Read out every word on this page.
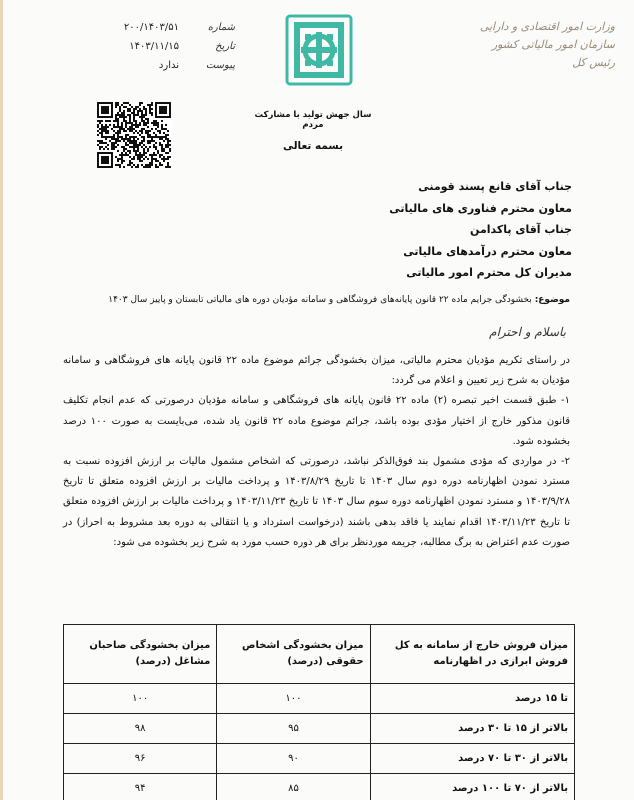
شماره
۲۰۰/۱۴۰۳/۵۱
تاریخ
۱۴۰۳/۱۱/۱۵
پیوست
ندارد
وزارت امور اقتصادی و دارایی
سازمان امور مالیاتی کشور
رئیس کل
سال جهش تولید با مشارکت مردم
بسمه تعالی
جناب آقای قانع پسند قومنی
معاون محترم فناوری های مالیاتی
جناب آقای پاکدامن
معاون محترم درآمدهای مالیاتی
مدیران کل محترم امور مالیاتی
موضوع: بخشودگی جرایم ماده ۲۲ قانون پایانه‌های فروشگاهی و سامانه مؤدیان دوره های مالیاتی تابستان و پاییز سال ۱۴۰۳
باسلام و احترام

در راستای تکریم مؤدیان محترم مالیاتی، میزان بخشودگی جرائم موضوع ماده ۲۲ قانون پایانه های فروشگاهی و سامانه مؤدیان به شرح زیر تعیین و اعلام می گردد:

۱- طبق قسمت اخیر تبصره (۲) ماده ۲۲ قانون پایانه های فروشگاهی و سامانه مؤدیان درصورتی که عدم انجام تکلیف قانون مذکور خارج از اختیار مؤدی بوده باشد، جرائم موضوع ماده ۲۲ قانون یاد شده، می‌بایست به صورت ۱۰۰ درصد بخشوده شود.

۲- در مواردی که مؤدی مشمول بند فوق‌الذکر نباشد، درصورتی که اشخاص مشمول مالیات بر ارزش افزوده نسبت به مسترد نمودن اظهارنامه دوره دوم سال ۱۴۰۳ تا تاریخ ۱۴۰۳/۸/۲۹ و پرداخت مالیات بر ارزش افزوده متعلق تا تاریخ ۱۴۰۳/۹/۲۸ و مسترد نمودن اظهارنامه دوره سوم سال ۱۴۰۳ تا تاریخ ۱۴۰۳/۱۱/۲۳ و پرداخت مالیات بر ارزش افزوده متعلق تا تاریخ ۱۴۰۳/۱۱/۲۳ اقدام نمایند یا فاقد بدهی باشند (درخواست استرداد و یا انتقالی به دوره بعد مشروط به احراز) در صورت عدم اعتراض به برگ مطالبه، جریمه موردنظر برای هر دوره حسب مورد به شرح زیر بخشوده می شود:

میزان فروش خارج از سامانه به کل فروش ابرازی در اظهارنامه	میزان بخشودگی اشخاص حقوقی (درصد)	میزان بخشودگی صاحبان مشاغل (درصد)
تا ۱۵ درصد	۱۰۰	۱۰۰
بالاتر از ۱۵ تا ۳۰ درصد	۹۵	۹۸
بالاتر از ۳۰ تا ۷۰ درصد	۹۰	۹۶
بالاتر از ۷۰ تا ۱۰۰ درصد	۸۵	۹۴
